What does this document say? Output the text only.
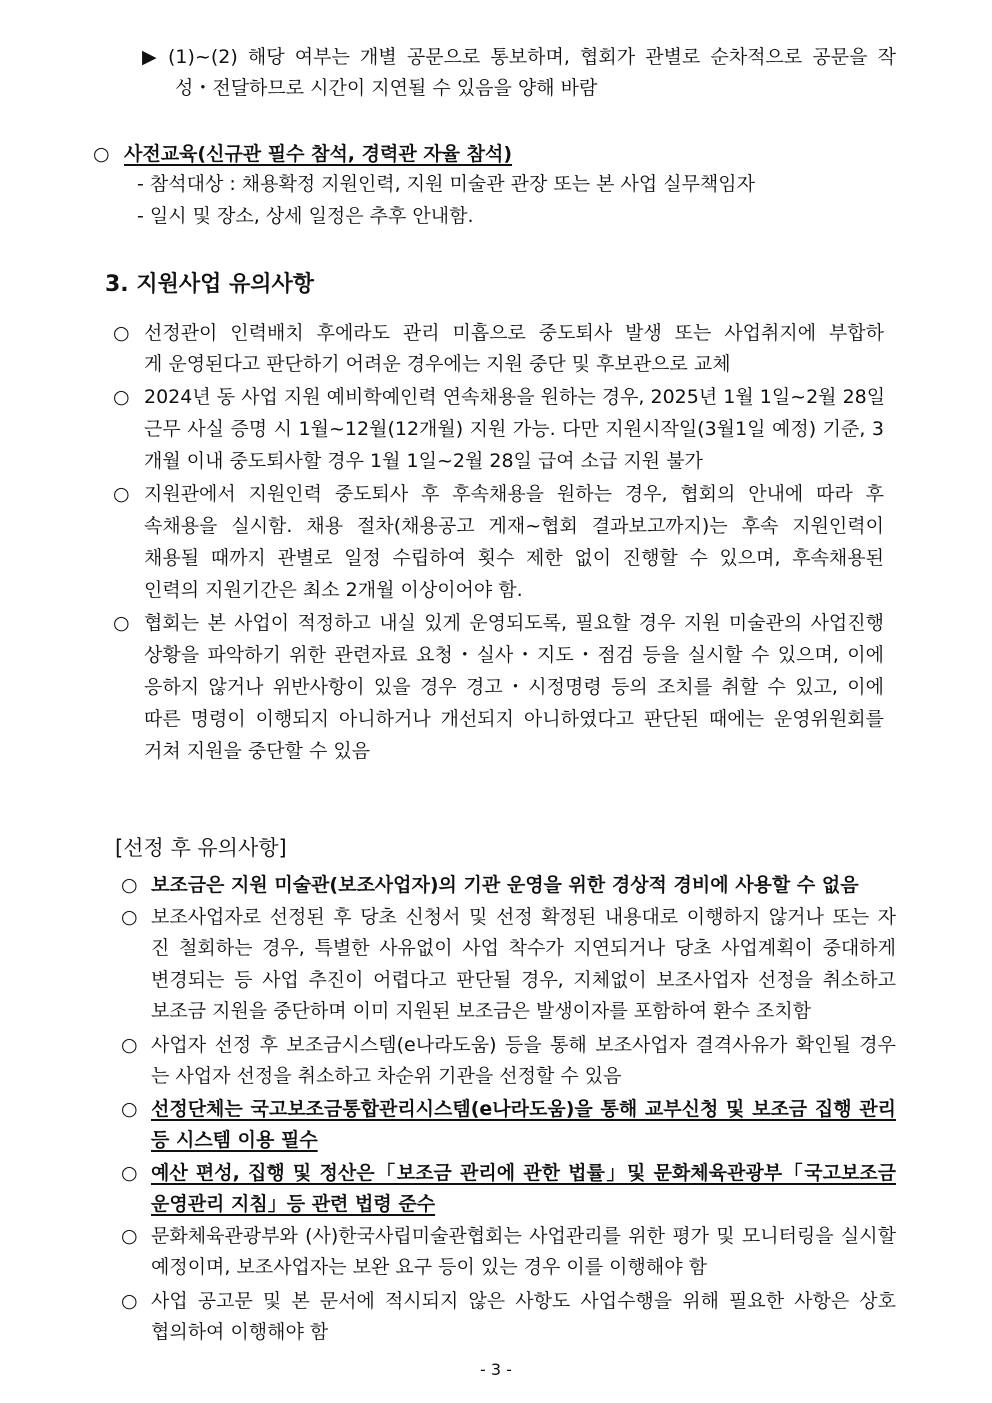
▶ (1)~(2) 해당 여부는 개별 공문으로 통보하며, 협회가 관별로 순차적으로 공문을 작
성・전달하므로 시간이 지연될 수 있음을 양해 바람
○ 사전교육(신규관 필수 참석, 경력관 자율 참석)
- 참석대상 : 채용확정 지원인력, 지원 미술관 관장 또는 본 사업 실무책임자
- 일시 및 장소, 상세 일정은 추후 안내함.
3. 지원사업 유의사항
○ 선정관이 인력배치 후에라도 관리 미흡으로 중도퇴사 발생 또는 사업취지에 부합하
게 운영된다고 판단하기 어려운 경우에는 지원 중단 및 후보관으로 교체
○ 2024년 동 사업 지원 예비학예인력 연속채용을 원하는 경우, 2025년 1월 1일~2월 28일
근무 사실 증명 시 1월~12월(12개월) 지원 가능. 다만 지원시작일(3월1일 예정) 기준, 3
개월 이내 중도퇴사할 경우 1월 1일~2월 28일 급여 소급 지원 불가
○ 지원관에서 지원인력 중도퇴사 후 후속채용을 원하는 경우, 협회의 안내에 따라 후
속채용을 실시함. 채용 절차(채용공고 게재~협회 결과보고까지)는 후속 지원인력이
채용될 때까지 관별로 일정 수립하여 횟수 제한 없이 진행할 수 있으며, 후속채용된
인력의 지원기간은 최소 2개월 이상이어야 함.
○ 협회는 본 사업이 적정하고 내실 있게 운영되도록, 필요할 경우 지원 미술관의 사업진행
상황을 파악하기 위한 관련자료 요청・실사・지도・점검 등을 실시할 수 있으며, 이에
응하지 않거나 위반사항이 있을 경우 경고・시정명령 등의 조치를 취할 수 있고, 이에
따른 명령이 이행되지 아니하거나 개선되지 아니하였다고 판단된 때에는 운영위원회를
거쳐 지원을 중단할 수 있음
[선정 후 유의사항]
○ 보조금은 지원 미술관(보조사업자)의 기관 운영을 위한 경상적 경비에 사용할 수 없음
○ 보조사업자로 선정된 후 당초 신청서 및 선정 확정된 내용대로 이행하지 않거나 또는 자
진 철회하는 경우, 특별한 사유없이 사업 착수가 지연되거나 당초 사업계획이 중대하게
변경되는 등 사업 추진이 어렵다고 판단될 경우, 지체없이 보조사업자 선정을 취소하고
보조금 지원을 중단하며 이미 지원된 보조금은 발생이자를 포함하여 환수 조치함
○ 사업자 선정 후 보조금시스템(e나라도움) 등을 통해 보조사업자 결격사유가 확인될 경우
는 사업자 선정을 취소하고 차순위 기관을 선정할 수 있음
○ 선정단체는 국고보조금통합관리시스템(e나라도움)을 통해 교부신청 및 보조금 집행 관리
등 시스템 이용 필수
○ 예산 편성, 집행 및 정산은「보조금 관리에 관한 법률」및 문화체육관광부「국고보조금
운영관리 지침」등 관련 법령 준수
○ 문화체육관광부와 (사)한국사립미술관협회는 사업관리를 위한 평가 및 모니터링을 실시할
예정이며, 보조사업자는 보완 요구 등이 있는 경우 이를 이행해야 함
○ 사업 공고문 및 본 문서에 적시되지 않은 사항도 사업수행을 위해 필요한 사항은 상호
협의하여 이행해야 함
- 3 -
